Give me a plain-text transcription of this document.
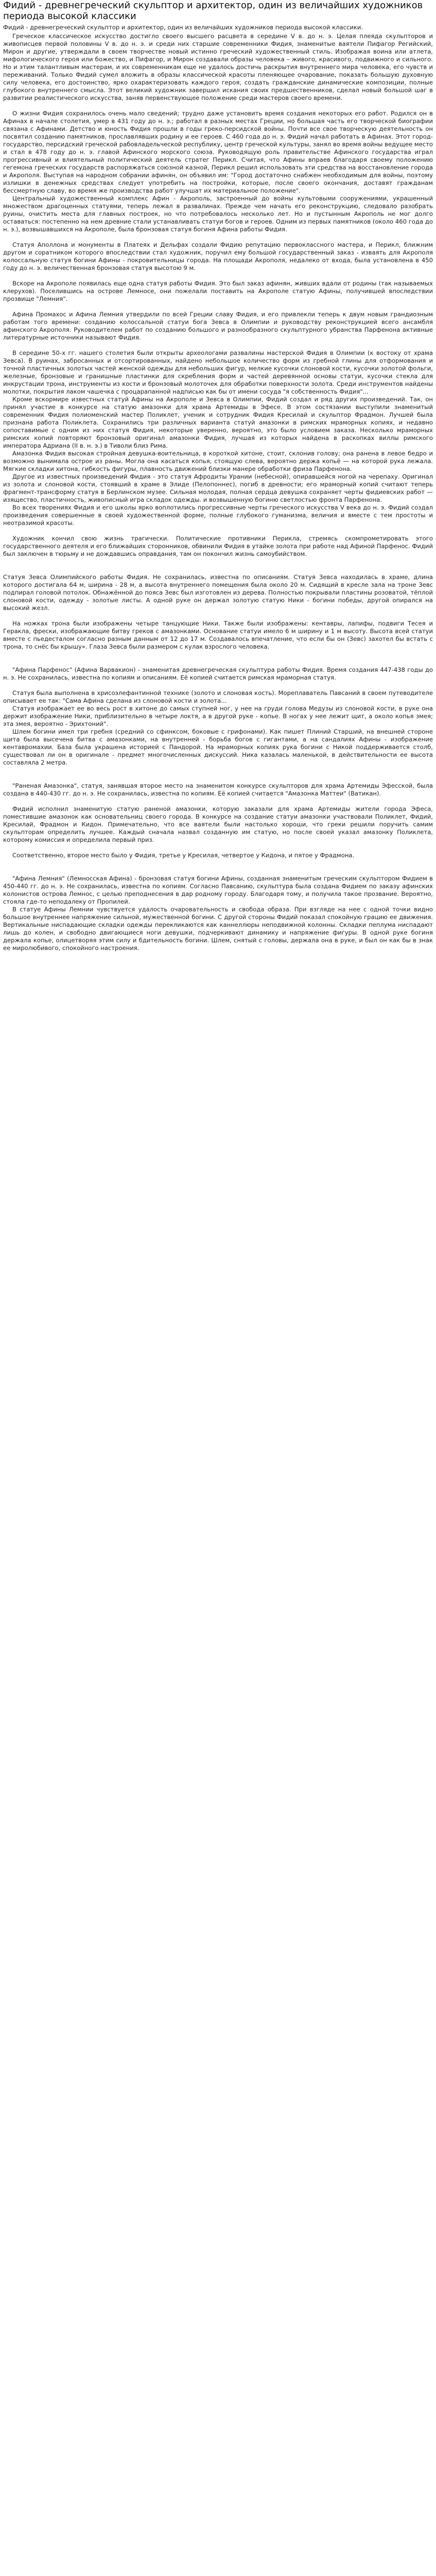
Фидий - древнегреческий скульптор и архитектор, один из величайших художников периода высокой классики

Фидий - древнегреческий скульптор и архитектор, один из величайших художников периода высокой классики.

Греческое классическое искусство достигло своего высшего расцвета в середине V в. до н. э. Целая плеяда скульпторов и живописцев первой половины V в. до н. э. и среди них старшие современники Фидия, знаменитые ваятели Пифагор Регийский, Мирон и другие, утверждали в своем творчестве новый истинно греческий художественный стиль. Изображая воина или атлета, мифологического героя или божество, и Пифагор, и Мирон создавали образы человека – живого, красивого, подвижного и сильного. Но и этим талантливым мастерам, и их современникам еще не удалось достичь раскрытия внутреннего мира человека, его чувств и переживаний. Только Фидий сумел вложить в образы классической красоты пленяющее очарование, показать большую духовную силу человека, его достоинство, ярко охарактеризовать каждого героя, создать гражданские динамические композиции, полные глубокого внутреннего смысла. Этот великий художник завершил искания своих предшественников, сделал новый большой шаг в развитии реалистического искусства, заняв первенствующее положение среди мастеров своего времени.

О жизни Фидия сохранилось очень мало сведений; трудно даже установить время создания некоторых его работ. Родился он в Афинах в начале столетия, умер в 431 году до н. э.; работал в разных местах Греции, но большая часть его творческой биографии связана с Афинами. Детство и юность Фидия прошли в годы греко-персидской войны. Почти все свое творческую деятельность он посвятил созданию памятников, прославлявших родину и ее героев. С 460 года до н. э. Фидий начал работать в Афинах. Этот город-государство, персидский греческой рабовладельческой республику, центр греческой культуры, занял во время войны ведущее место и стал в 478 году до н. э. главой Афинского морского союза. Руководящую роль правительстве Афинского государства играл прогрессивный и влиятельный политический деятель стратег Перикл. Считая, что Афины впраев благодаря своему положению гегемона греческих государств распоряжаться союзной казной, Перикл решил использовать эти средства на восстановление города и Акрополя. Выступая на народном собрании афинян, он объявил им: "Город достаточно снабжен необходимым для войны, поэтому излишки в денежных средствах следует употребить на постройки, которые, после своего окончания, доставят гражданам бессмертную славу, во время же производства работ улучшат их материальное положение".

Центральный художественный комплекс Афин - Акрополь, застроенный до войны культовыми сооружениями, украшенный множеством драгоценных статуями, теперь лежал в развалинах. Прежде чем начать его реконструкцию, следовало разобрать руины, очистить места для главных построек, но что потребовалось несколько лет. Но и пустынным Акрополь не мог долго оставаться: постепенно на нем древние стали устанавливать статуи богов и героев. Одним из первых памятников (около 460 года до н. э.), возвышавшихся на Акрополе, была бронзовая статуя богиня Афина работы Фидия.

Статуя Аполлона и монументы в Платеях и Дельфах создали Фидию репутацию первоклассного мастера, и Перикл, ближним другом и соратником которого впоследствии стал художник, поручил ему большой государственный заказ - изваять для Акрополя колоссальную статуя богини Афины - покровительницы города. На площади Акрополя, недалеко от входа, была установлена в 450 году до н. э. величественная бронзовая статуя высотою 9 м.

Вскоре на Акрополе появилась еще одна статуя работы Фидия. Это был заказ афинян, живших вдали от родины (так называемых клерухов). Поселившись на острове Лемносе, они пожелали поставить на Акрополе статую Афины, получившей впоследствии прозвище "Лемния".

Афина Промахос и Афина Лемния утвердили по всей Греции славу Фидия, и его привлекли теперь к двум новым грандиозным работам того времени: созданию колоссальной статуи бога Зевса в Олимпии и руководству реконструкцией всего ансамбля афинского Акрополя. Руководителем работ по созданию большого и разнообразного скульптурного убранства Парфенона активные литературные источники называют Фидия.

В середине 50-х гг. нашего столетия были открыты археологами развалины мастерской Фидия в Олимпии (к востоку от храма Зевса). В руинах, забросанных и отсортированных, найдено небольшое количество форм из гребной глины для отформования и точной пластичных золотых частей женской одежды для небольших фигур, мелкие кусочки слоновой кости, кусочки золотой фольги, железные, бронзовые и гранишные пластинки для скребления форм и частей деревянной основы статуи, кусочки стекла для инкрустации трона, инструменты из кости и бронзовый молоточек для обработки поверхности золота. Среди инструментов найдены молотки, покрытия лаком чашечка с процарапанной надписью как бы от имени сосуда "я собственность Фидия"...

Кроме вскормире известных статуй Афины на Акрополе и Зевса в Олимпии, Фидий создал и ряд других произведений. Так, он принял участие в конкурсе на статую амазонки для храма Артемиды в Эфесе. В этом состязании выступили знаменитый современник Фидия полиоменский мастер Поликлет, ученик и сотрудник Фидия Кресилай и скульптор Фрадмон. Лучшей была признана работа Поликлета. Сохранились три различных варианта статуй амазонки в римских мраморных копиях, и недавно сопоставимые с одним из них статуя Фидия, некоторые уверенно, вероятно, это было условием заказа. Несколько мраморных римских копий повторяют бронзовый оригинал амазонки Фидия, лучшая из которых найдена в раскопках виллы римского императора Адриана (II в. н. э.) в Тиволи близ Рима.

Амазонка Фидия высокая стройная девушка-воительница, в короткой хитоне, стоит, склонив голову; она ранена в левое бедро и возможно вынимала острое из раны. Могла она касаться копья, стоящую слева, вероятно держа копьё — на которой рука лежала. Мягкие складки хитона, гибкость фигуры, плавность движений близки манере обработки фриза Парфенона.

Другое из известных произведений Фидия - это статуя Афродиты Урании (небесной), опиравшейся ногой на черепаху. Оригинал из золота и слоновой кости, стоявший в храме в Элиде (Пелопоннес), погиб в древности; его мраморный копий считают теперь фрагмент-трансформу статуя в Берлинском музее. Сильная молодая, полная сердца девушка сохраняет черты фидиевских работ — изящество, пластичность, живописный игра складок одежды. и возвышенную богиню светлостью фронта Парфенона.

Во всех творениях Фидия и его школы ярко воплотились прогрессивные черты греческого искусства V века до н. э. Фидий создал произведения совершенные в своей художественной форме, полные глубокого гуманизма, величия и вместе с тем простоты и неотразимой красоты.

Художник кончил свою жизнь трагически. Политические противники Перикла, стремясь скомпрометировать этого государственного деятеля и его ближайших сторонников, обвинили Фидия в утайке золота при работе над Афиной Парфенос. Фидий был заключен в тюрьму и не дождавшись оправдания, там он покончил жизнь самоубийством.

Статуя Зевса Олимпийского работы Фидия. Не сохранилась, известна по описаниям. Статуя Зевса находилась в храме, длина которого достигала 64 м, ширина - 28 м, а высота внутреннего помещения была около 20 м. Сидящий в кресле зала на троне Зевс подпирал головой потолок. Обнажённой до пояса Зевс был изготовлен из дерева. Полностью покрывали пластины розоватой, тёплой слоновой кости, одежду - золотые листы. А одной руке он держал золотую статую Ники - богини победы, другой опирался на высокий жезл.

На ножках трона были изображены четыре танцующие Ники. Также были изображены: кентавры, лапифы, подвиги Тесея и Геракла, фрески, изображающие битву греков с амазонками. Основание статуи имело 6 м ширину и 1 м высоту. Высота всей статуи вместе с пьедесталом согласно разным данным от 12 до 17 м. Создавалось впечатление, что если бы он (Зевс) захотел бы встать с трона, то снёс бы крышу». Глаза Зевса были размером с кулак взрослого человека.

"Афина Парфенос" (Афина Варвакион) - знаменитая древнегреческая скульптура работы Фидия. Время создания 447-438 годы до н. э. Не сохранилась, известна по копиям и описаниям. Её копией считается римская мраморная статуя.

Статуя была выполнена в хрисоэлефантинной технике (золото и слоновая кость). Мореплаватель Павсаний в своем путеводителе описывает ее так: "Сама Афина сделана из слоновой кости и золота...

Статуя изображает ее во весь рост в хитоне до самых ступней ног, у нее на груди голова Медузы из слоновой кости, в руке она держит изображение Ники, приблизительно в четыре локтя, а в другой руке - копье. В ногах у нее лежит щит, а около копья змея; эта змея, вероятно - Эрихтоний".

Шлем богини имел три гребня (средний со сфинксом, боковые с грифонами). Как пишет Плиний Старший, на внешней стороне щита была высечена битва с амазонками, на внутренней - борьба богов с гигантами, а на сандалиях Афины - изображение кентавромахии. База была украшена историей с Пандорой. На мраморных копиях рука богини с Никой поддерживается столб, существовал ли он в оригинале - предмет многочисленных дискуссий. Ника казалась маленькой, в действительности ее высота составляла 2 метра.

"Раненая Амазонка", статуя, занявшая второе место на знаменитом конкурсе скульпторов для храма Артемиды Эфесской, была создана в 440-430 гг. до н. э. Не сохранилась, известна по копиям. Её копией считается "Амазонка Маттеи" (Ватикан).

Фидий исполнил знаменитую статую раненой амазонки, которую заказали для храма Артемиды жители города Эфеса, поместившие амазонок как основательниц своего города. В конкурсе на создание статуи амазонки участвовали Поликлет, Фидий, Кресилай, Фрадмон и Кидон. Примечательно, что все ваятели были настолько хороши, что греки решили поручить самим скульпторам определить лучшее. Каждый сначала назвал созданную им статую, но после своей указал амазонку Поликлета, которому комиссия и определила первый приз.

Соответственно, второе место было у Фидия, третье у Кресилая, четвертое у Кидона, и пятое у Фрадмона.

"Афина Лемния" (Лемносская Афина) - бронзовая статуя богини Афины, созданная знаменитым греческим скульптором Фидием в 450-440 гг. до н. э. Не сохранилась, известна по копиям. Согласно Павсанию, скульптура была создана Фидием по заказу афинских колонистов острова Лемнос, с целью преподнесения в дар родному городу. Благодаря тому, и получила такое прозвание. Вероятно, стояла где-то неподалеку от Пропилей.

В статуе Афины Лемнии чувствуется удалость очаровательность и свобода образа. При взгляде на нее с одной точки видно большое внутреннее напряжение сильной, мужественной богини. С другой стороны Фидий показал спокойную грацию ее движения. Вертикальные ниспадающие складки одежды перекликаются как каннеллюры неподвижной колонны. Складки пеплума ниспадают лишь до колен, и свободно двигающиеся ноги девушки, подчеркивают динамику и напряжение фигуры. В одной руке богиня держала копье, олицетворяя этим силу и бдительность богини. Шлем, снятый с головы, держала она в руке, и был он как бы в знак ее миролюбивого, спокойного настроения.
